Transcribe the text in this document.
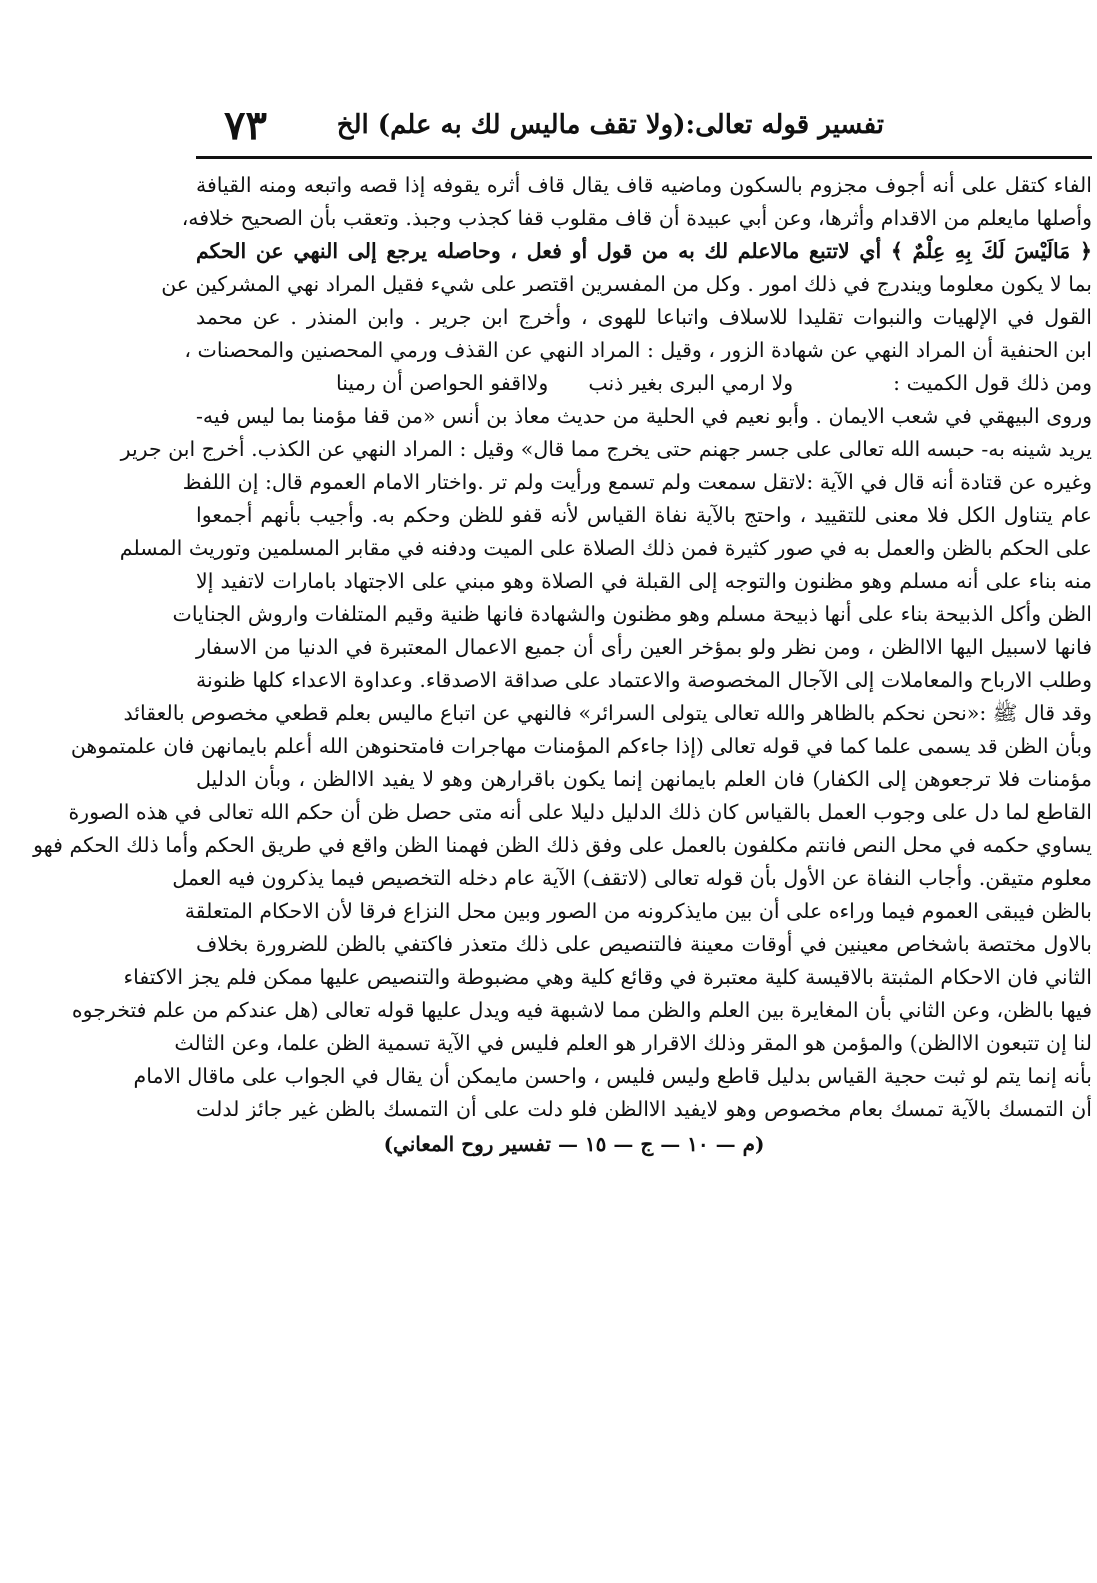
تفسير قوله تعالى:(ولا تقف ماليس لك به علم) الخ
٧٣
الفاء كتقل على أنه أجوف مجزوم بالسكون وماضيه قاف يقال قاف أثره يقوفه إذا قصه واتبعه ومنه القيافة
وأصلها مايعلم من الاقدام وأثرها، وعن أبي عبيدة أن قاف مقلوب قفا كجذب وجبذ. وتعقب بأن الصحيح خلافه،
﴿ مَالَيْسَ لَكَ بِهِ عِلْمٌ ﴾ أي لاتتبع مالاعلم لك به من قول أو فعل ، وحاصله يرجع إلى النهي عن الحكم
بما لا يكون معلوما ويندرج في ذلك امور . وكل من المفسرين اقتصر على شيء فقيل المراد نهي المشركين عن
القول في الإلهيات والنبوات تقليدا للاسلاف واتباعا للهوى ، وأخرج ابن جرير . وابن المنذر . عن محمد
ابن الحنفية أن المراد النهي عن شهادة الزور ، وقيل : المراد النهي عن القذف ورمي المحصنين والمحصنات ،
ومن ذلك قول الكميت :
ولا ارمي البرى بغير ذنب
ولااقفو الحواصن أن رمينا
وروى البيهقي في شعب الايمان . وأبو نعيم في الحلية من حديث معاذ بن أنس «من قفا مؤمنا بما ليس فيه-
يريد شينه به- حبسه الله تعالى على جسر جهنم حتى يخرج مما قال» وقيل : المراد النهي عن الكذب. أخرج ابن جرير
وغيره عن قتادة أنه قال في الآية :لاتقل سمعت ولم تسمع ورأيت ولم تر .واختار الامام العموم قال: إن اللفظ
عام يتناول الكل فلا معنى للتقييد ، واحتج بالآية نفاة القياس لأنه قفو للظن وحكم به. وأجيب بأنهم أجمعوا
على الحكم بالظن والعمل به في صور كثيرة فمن ذلك الصلاة على الميت ودفنه في مقابر المسلمين وتوريث المسلم
منه بناء على أنه مسلم وهو مظنون والتوجه إلى القبلة في الصلاة وهو مبني على الاجتهاد بامارات لاتفيد إلا
الظن وأكل الذبيحة بناء على أنها ذبيحة مسلم وهو مظنون والشهادة فانها ظنية وقيم المتلفات واروش الجنايات
فانها لاسبيل اليها الاالظن ، ومن نظر ولو بمؤخر العين رأى أن جميع الاعمال المعتبرة في الدنيا من الاسفار
وطلب الارباح والمعاملات إلى الآجال المخصوصة والاعتماد على صداقة الاصدقاء. وعداوة الاعداء كلها ظنونة
وقد قال ﷺ :«نحن نحكم بالظاهر والله تعالى يتولى السرائر» فالنهي عن اتباع ماليس بعلم قطعي مخصوص بالعقائد
وبأن الظن قد يسمى علما كما في قوله تعالى (إذا جاءكم المؤمنات مهاجرات فامتحنوهن الله أعلم بايمانهن فان علمتموهن
مؤمنات فلا ترجعوهن إلى الكفار) فان العلم بايمانهن إنما يكون باقرارهن وهو لا يفيد الاالظن ، وبأن الدليل
القاطع لما دل على وجوب العمل بالقياس كان ذلك الدليل دليلا على أنه متى حصل ظن أن حكم الله تعالى في هذه الصورة
يساوي حكمه في محل النص فانتم مكلفون بالعمل على وفق ذلك الظن فهمنا الظن واقع في طريق الحكم وأما ذلك الحكم فهو
معلوم متيقن. وأجاب النفاة عن الأول بأن قوله تعالى (لاتقف) الآية عام دخله التخصيص فيما يذكرون فيه العمل
بالظن فيبقى العموم فيما وراءه على أن بين مايذكرونه من الصور وبين محل النزاع فرقا لأن الاحكام المتعلقة
بالاول مختصة باشخاص معينين في أوقات معينة فالتنصيص على ذلك متعذر فاكتفي بالظن للضرورة بخلاف
الثاني فان الاحكام المثبتة بالاقيسة كلية معتبرة في وقائع كلية وهي مضبوطة والتنصيص عليها ممكن فلم يجز الاكتفاء
فيها بالظن، وعن الثاني بأن المغايرة بين العلم والظن مما لاشبهة فيه ويدل عليها قوله تعالى (هل عندكم من علم فتخرجوه
لنا إن تتبعون الاالظن) والمؤمن هو المقر وذلك الاقرار هو العلم فليس في الآية تسمية الظن علما، وعن الثالث
بأنه إنما يتم لو ثبت حجية القياس بدليل قاطع وليس فليس ، واحسن مايمكن أن يقال في الجواب على ماقال الامام
أن التمسك بالآية تمسك بعام مخصوص وهو لايفيد الاالظن فلو دلت على أن التمسك بالظن غير جائز لدلت
(م — ١٠ — ج — ١٥ — تفسير روح المعاني)
